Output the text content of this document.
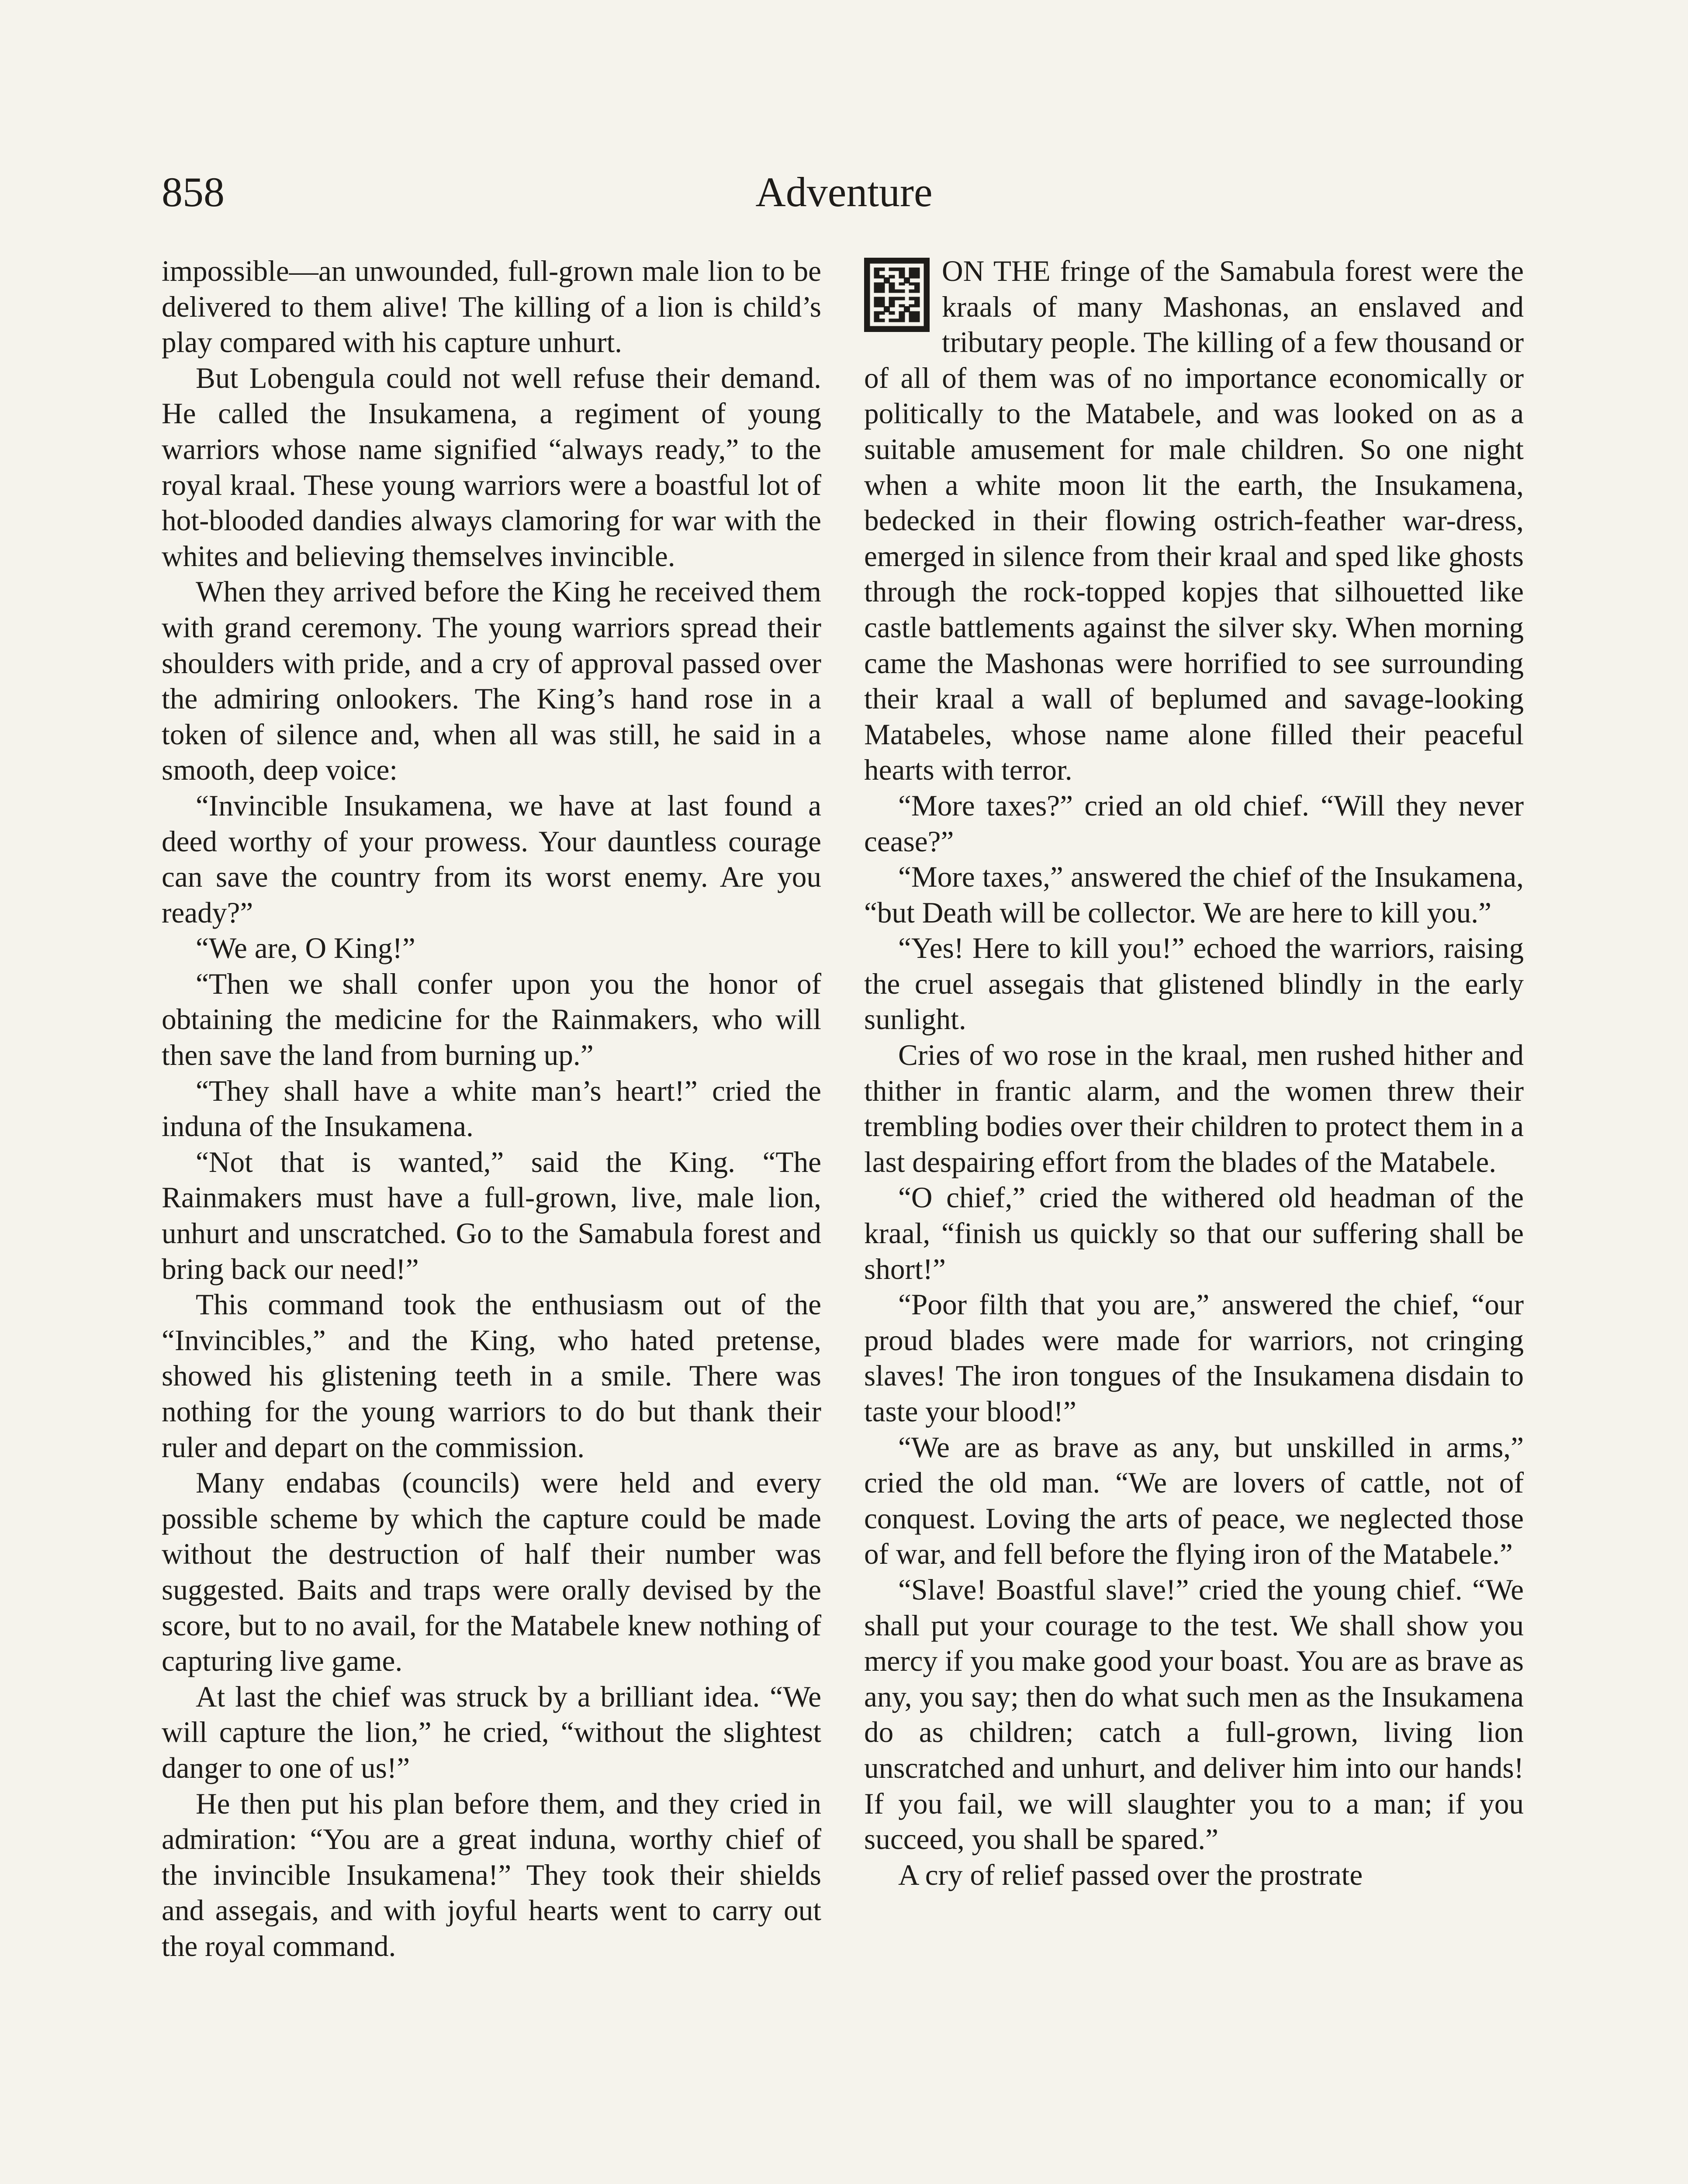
Adventure
858

impossible—an unwounded, full-grown male lion to be delivered to them alive! The killing of a lion is child’s play compared with his capture unhurt.

But Lobengula could not well refuse their demand. He called the Insukamena, a regiment of young warriors whose name signified “always ready,” to the royal kraal. These young warriors were a boastful lot of hot-blooded dandies always clamoring for war with the whites and believing themselves invincible.

When they arrived before the King he received them with grand ceremony. The young warriors spread their shoulders with pride, and a cry of approval passed over the admiring onlookers. The King’s hand rose in a token of silence and, when all was still, he said in a smooth, deep voice:

“Invincible Insukamena, we have at last found a deed worthy of your prowess. Your dauntless courage can save the country from its worst enemy. Are you ready?”

“We are, O King!”

“Then we shall confer upon you the honor of obtaining the medicine for the Rainmakers, who will then save the land from burning up.”

“They shall have a white man’s heart!” cried the induna of the Insukamena.

“Not that is wanted,” said the King. “The Rainmakers must have a full-grown, live, male lion, unhurt and unscratched. Go to the Samabula forest and bring back our need!”

This command took the enthusiasm out of the “Invincibles,” and the King, who hated pretense, showed his glistening teeth in a smile. There was nothing for the young warriors to do but thank their ruler and depart on the commission.

Many endabas (councils) were held and every possible scheme by which the capture could be made without the destruction of half their number was suggested. Baits and traps were orally devised by the score, but to no avail, for the Matabele knew nothing of capturing live game.

At last the chief was struck by a brilliant idea. “We will capture the lion,” he cried, “without the slightest danger to one of us!”

He then put his plan before them, and they cried in admiration: “You are a great induna, worthy chief of the invincible Insukamena!” They took their shields and assegais, and with joyful hearts went to carry out the royal command.

ON THE fringe of the Samabula forest were the kraals of many Mashonas, an enslaved and tributary people. The killing of a few thousand or of all of them was of no importance economically or politically to the Matabele, and was looked on as a suitable amusement for male children. So one night when a white moon lit the earth, the Insukamena, bedecked in their flowing ostrich-feather war-dress, emerged in silence from their kraal and sped like ghosts through the rock-topped kopjes that silhouetted like castle battlements against the silver sky. When morning came the Mashonas were horrified to see surrounding their kraal a wall of beplumed and savage-looking Matabeles, whose name alone filled their peaceful hearts with terror.

“More taxes?” cried an old chief. “Will they never cease?”

“More taxes,” answered the chief of the Insukamena, “but Death will be collector. We are here to kill you.”

“Yes! Here to kill you!” echoed the warriors, raising the cruel assegais that glistened blindly in the early sunlight.

Cries of wo rose in the kraal, men rushed hither and thither in frantic alarm, and the women threw their trembling bodies over their children to protect them in a last despairing effort from the blades of the Matabele.

“O chief,” cried the withered old headman of the kraal, “finish us quickly so that our suffering shall be short!”

“Poor filth that you are,” answered the chief, “our proud blades were made for warriors, not cringing slaves! The iron tongues of the Insukamena disdain to taste your blood!”

“We are as brave as any, but unskilled in arms,” cried the old man. “We are lovers of cattle, not of conquest. Loving the arts of peace, we neglected those of war, and fell before the flying iron of the Matabele.”

“Slave! Boastful slave!” cried the young chief. “We shall put your courage to the test. We shall show you mercy if you make good your boast. You are as brave as any, you say; then do what such men as the Insukamena do as children; catch a full-grown, living lion unscratched and unhurt, and deliver him into our hands! If you fail, we will slaughter you to a man; if you succeed, you shall be spared.”

A cry of relief passed over the prostrate
